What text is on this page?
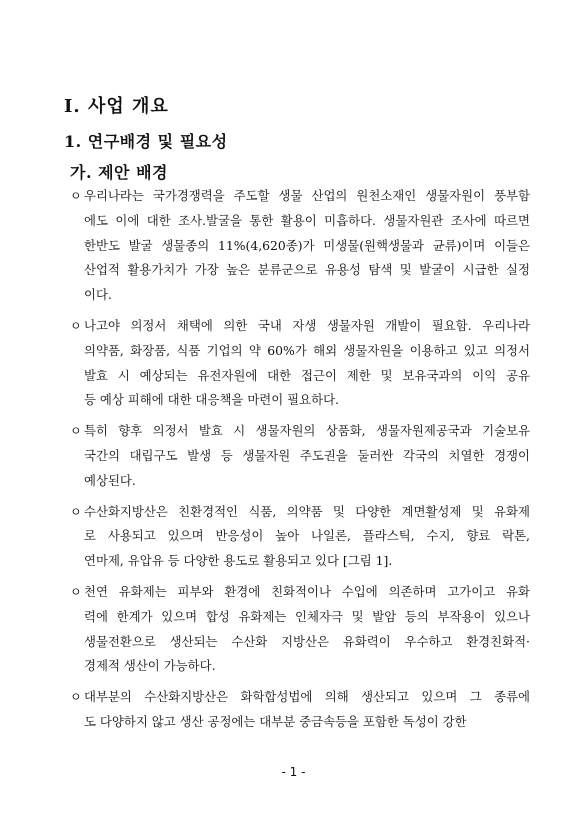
I. 사업 개요
1. 연구배경 및 필요성
가. 제안 배경
ㅇ 우리나라는 국가경쟁력을 주도할 생물 산업의 원천소재인 생물자원이 풍부함
에도 이에 대한 조사.발굴을 통한 활용이 미흡하다. 생물자원관 조사에 따르면
한반도 발굴 생물종의 11%(4,620종)가 미생물(원핵생물과 균류)이며 이들은
산업적 활용가치가 가장 높은 분류군으로 유용성 탐색 및 발굴이 시급한 실정
이다.
ㅇ 나고야 의정서 채택에 의한 국내 자생 생물자원 개발이 필요함. 우리나라
의약품, 화장품, 식품 기업의 약 60%가 해외 생물자원을 이용하고 있고 의정서
발효 시 예상되는 유전자원에 대한 접근이 제한 및 보유국과의 이익 공유
등 예상 피해에 대한 대응책을 마련이 필요하다.
ㅇ 특히 향후 의정서 발효 시 생물자원의 상품화, 생물자원제공국과 기술보유
국간의 대립구도 발생 등 생물자원 주도권을 둘러싼 각국의 치열한 경쟁이
예상된다.
ㅇ 수산화지방산은 친환경적인 식품, 의약품 및 다양한 계면활성제 및 유화제
로 사용되고 있으며 반응성이 높아 나일론, 플라스틱, 수지, 향료 락톤,
연마제, 유압유 등 다양한 용도로 활용되고 있다 [그림 1].
ㅇ 천연 유화제는 피부와 환경에 친화적이나 수입에 의존하며 고가이고 유화
력에 한계가 있으며 합성 유화제는 인체자극 및 발암 등의 부작용이 있으나
생물전환으로 생산되는 수산화 지방산은 유화력이 우수하고 환경친화적·
경제적 생산이 가능하다.
ㅇ 대부분의 수산화지방산은 화학합성법에 의해 생산되고 있으며 그 종류에
도 다양하지 않고 생산 공정에는 대부분 중금속등을 포함한 독성이 강한
- 1 -
